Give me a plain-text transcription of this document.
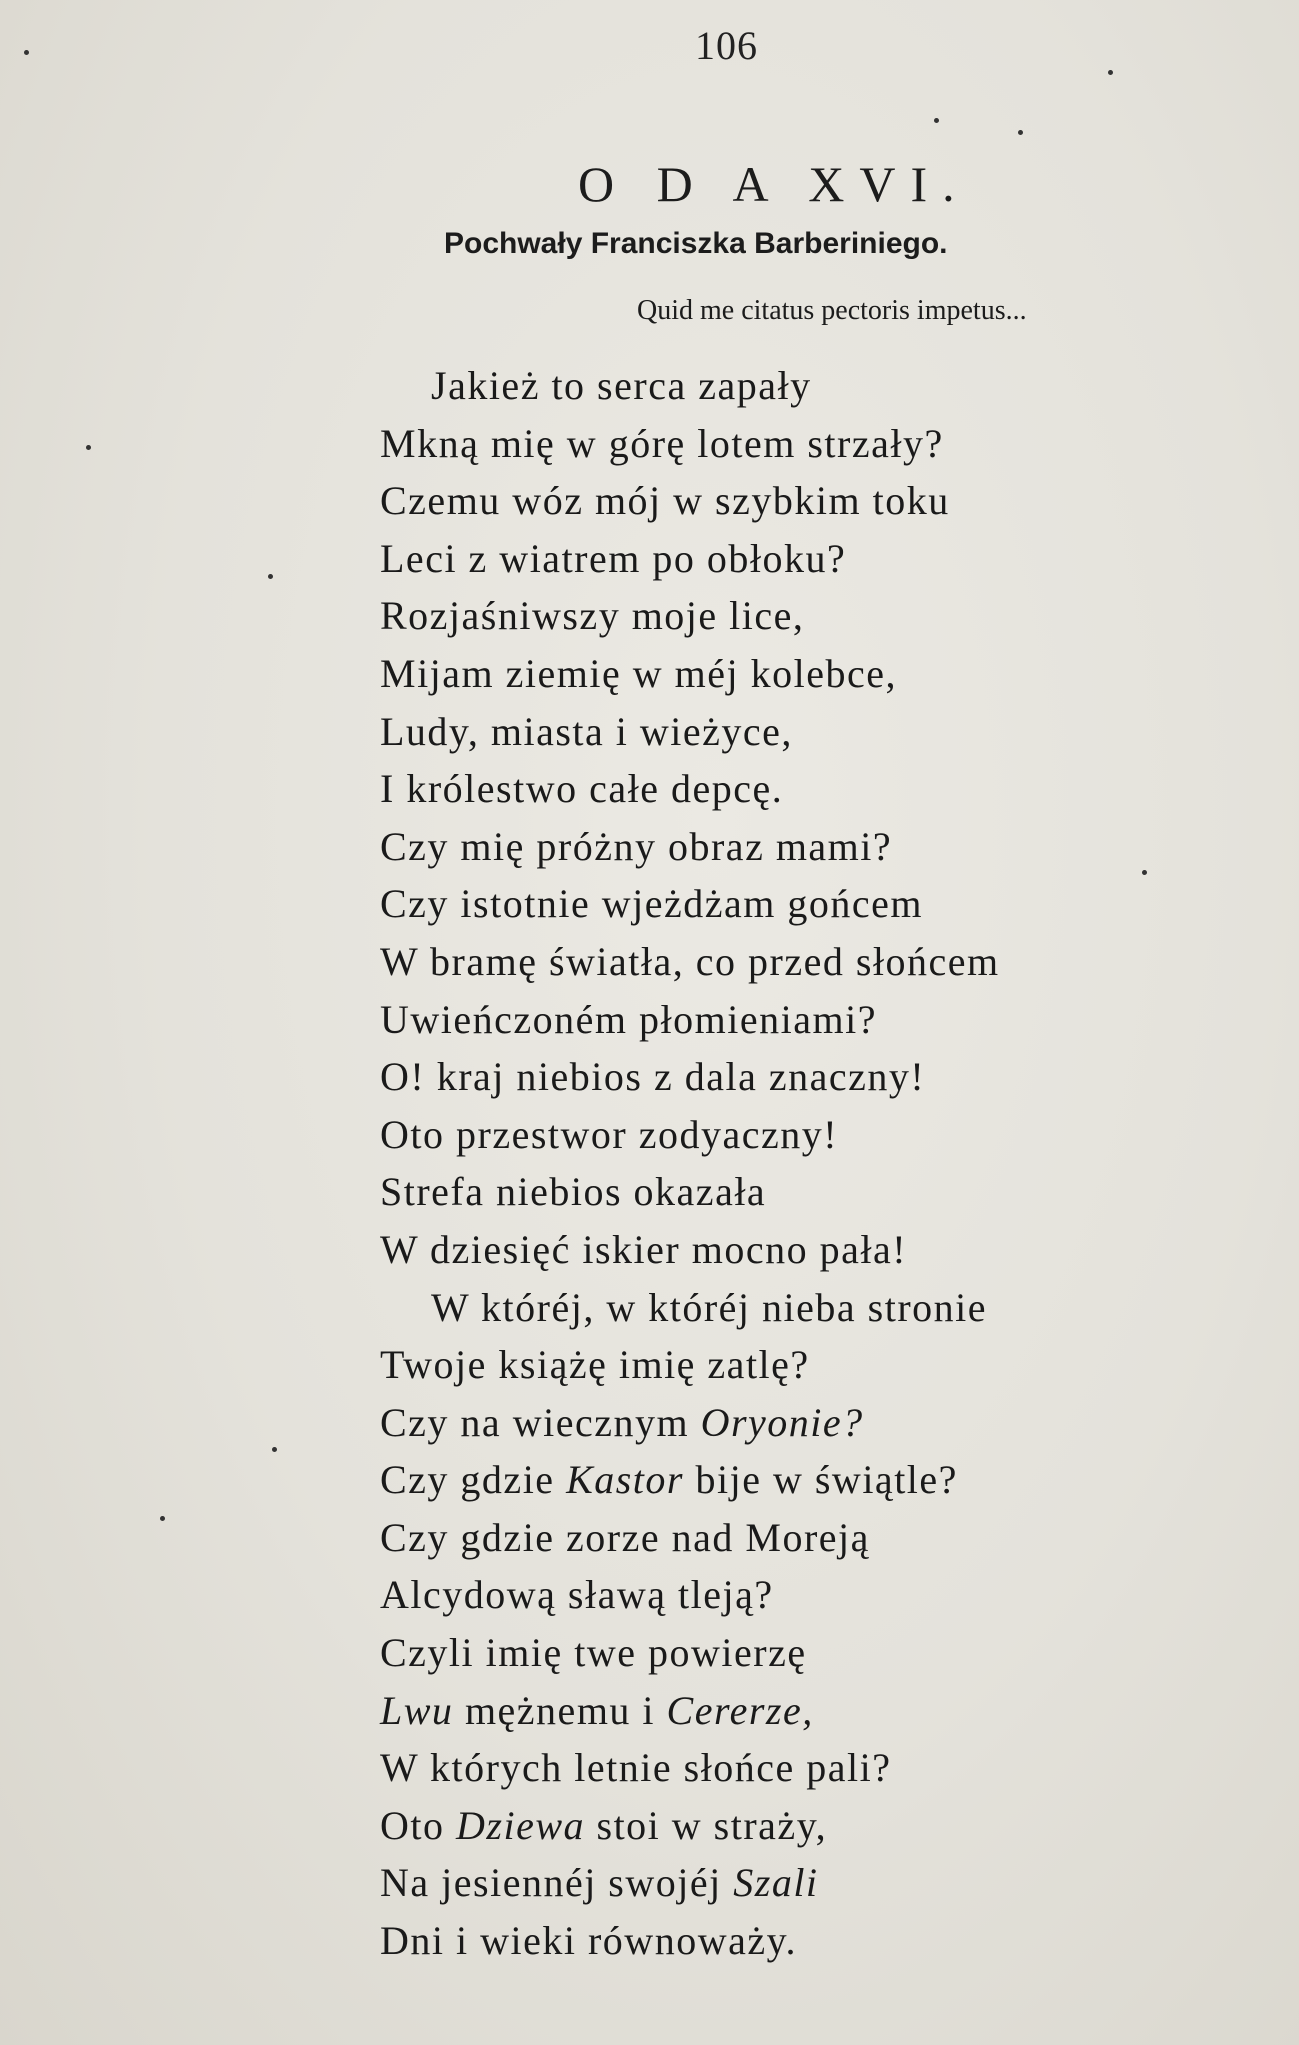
106
O D A XVI.
Pochwały Franciszka Barberiniego.
Quid me citatus pectoris impetus...
Jakież to serca zapały
Mkną mię w górę lotem strzały?
Czemu wóz mój w szybkim toku
Leci z wiatrem po obłoku?
Rozjaśniwszy moje lice,
Mijam ziemię w méj kolebce,
Ludy, miasta i wieżyce,
I królestwo całe depcę.
Czy mię próżny obraz mami?
Czy istotnie wjeżdżam gońcem
W bramę światła, co przed słońcem
Uwieńczoném płomieniami?
O! kraj niebios z dala znaczny!
Oto przestwor zodyaczny!
Strefa niebios okazała
W dziesięć iskier mocno pała!
W któréj, w któréj nieba stronie
Twoje książę imię zatlę?
Czy na wiecznym Oryonie?
Czy gdzie Kastor bije w świątle?
Czy gdzie zorze nad Moreją
Alcydową sławą tleją?
Czyli imię twe powierzę
Lwu mężnemu i Cererze,
W których letnie słońce pali?
Oto Dziewa stoi w straży,
Na jesiennéj swojéj Szali
Dni i wieki równoważy.
